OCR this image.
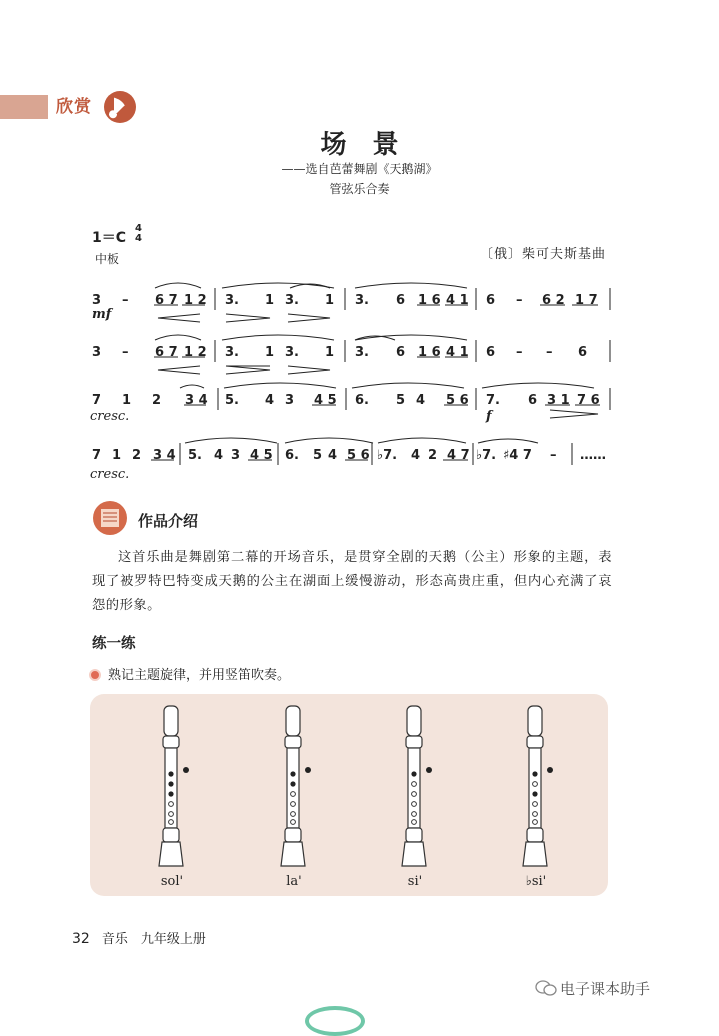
欣赏
场景
——选自芭蕾舞剧《天鹅湖》
管弦乐合奏
1＝C
4
4
中板	〔俄〕柴可夫斯基曲
3 – 6 7 1 2 3. 1 3. 1 3. 6 1 6 4 1 6 – 6 2 1 7
3 – 6 7 1 2 3. 1 3. 1 3. 6 1 6 4 1 6 – – 6
7 1 2 3 4 5. 4 3 4 5 6. 5 4 5 6 7. 6 3 1 7 6
7 1 2 3 4 5. 4 3 4 5 6. 5 4 5 6 ♭7. 4 2 4 7 ♭7. ♯4 7 – ……
mf
cresc.	f
cresc.
作品介绍
这首乐曲是舞剧第二幕的开场音乐，是贯穿全剧的天鹅（公主）形象的主题，表现了被罗特巴特变成天鹅的公主在湖面上缓慢游动，形态高贵庄重，但内心充满了哀怨的形象。
练一练
熟记主题旋律，并用竖笛吹奏。
sol'	la'	si'	♭si'
32 音乐　九年级上册
电子课本助手
